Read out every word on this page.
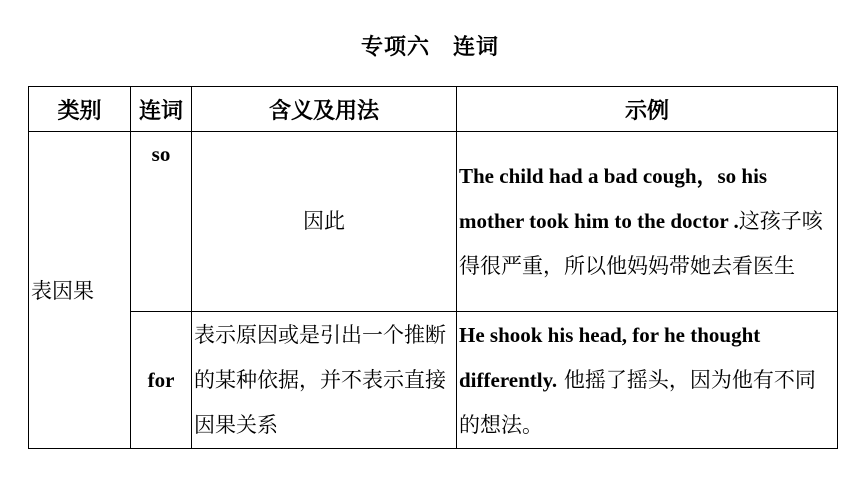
专项六　连词
类别	连词	含义及用法	示例
表因果	so	因此	The child had a bad cough，so his mother took him to the doctor .这孩子咳得很严重，所以他妈妈带她去看医生
	for	表示原因或是引出一个推断的某种依据，并不表示直接因果关系	He shook his head, for he thought differently. 他摇了摇头，因为他有不同的想法。
